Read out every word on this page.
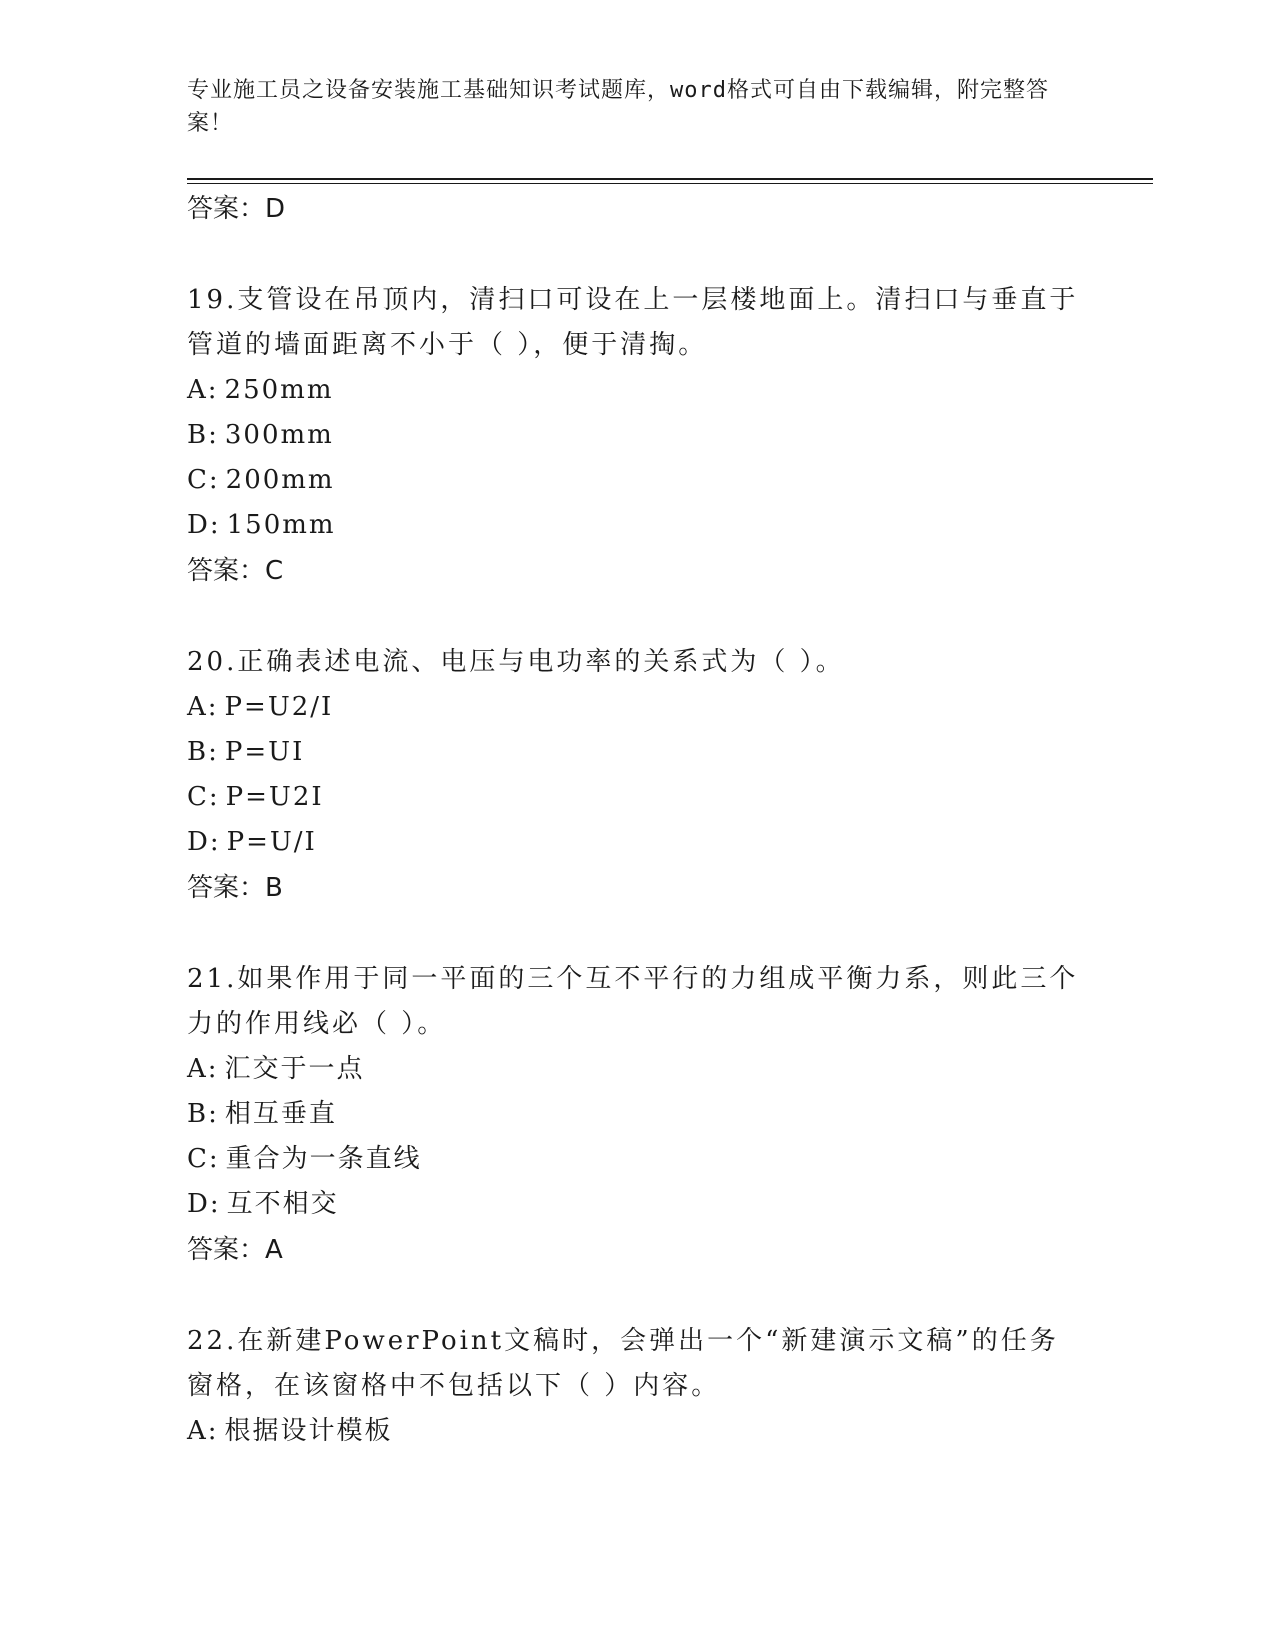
专业施工员之设备安装施工基础知识考试题库，word格式可自由下载编辑，附完整答案！
答案：D
19.支管设在吊顶内，清扫口可设在上一层楼地面上。清扫口与垂直于管道的墙面距离不小于（ ），便于清掏。
A: 250mm
B: 300mm
C: 200mm
D: 150mm
答案：C
20.正确表述电流、电压与电功率的关系式为（ ）。
A: P=U2/I
B: P=UI
C: P=U2I
D: P=U/I
答案：B
21.如果作用于同一平面的三个互不平行的力组成平衡力系，则此三个力的作用线必（ ）。
A: 汇交于一点
B: 相互垂直
C: 重合为一条直线
D: 互不相交
答案：A
22.在新建PowerPoint文稿时，会弹出一个“新建演示文稿”的任务窗格，在该窗格中不包括以下（ ）内容。
A: 根据设计模板
